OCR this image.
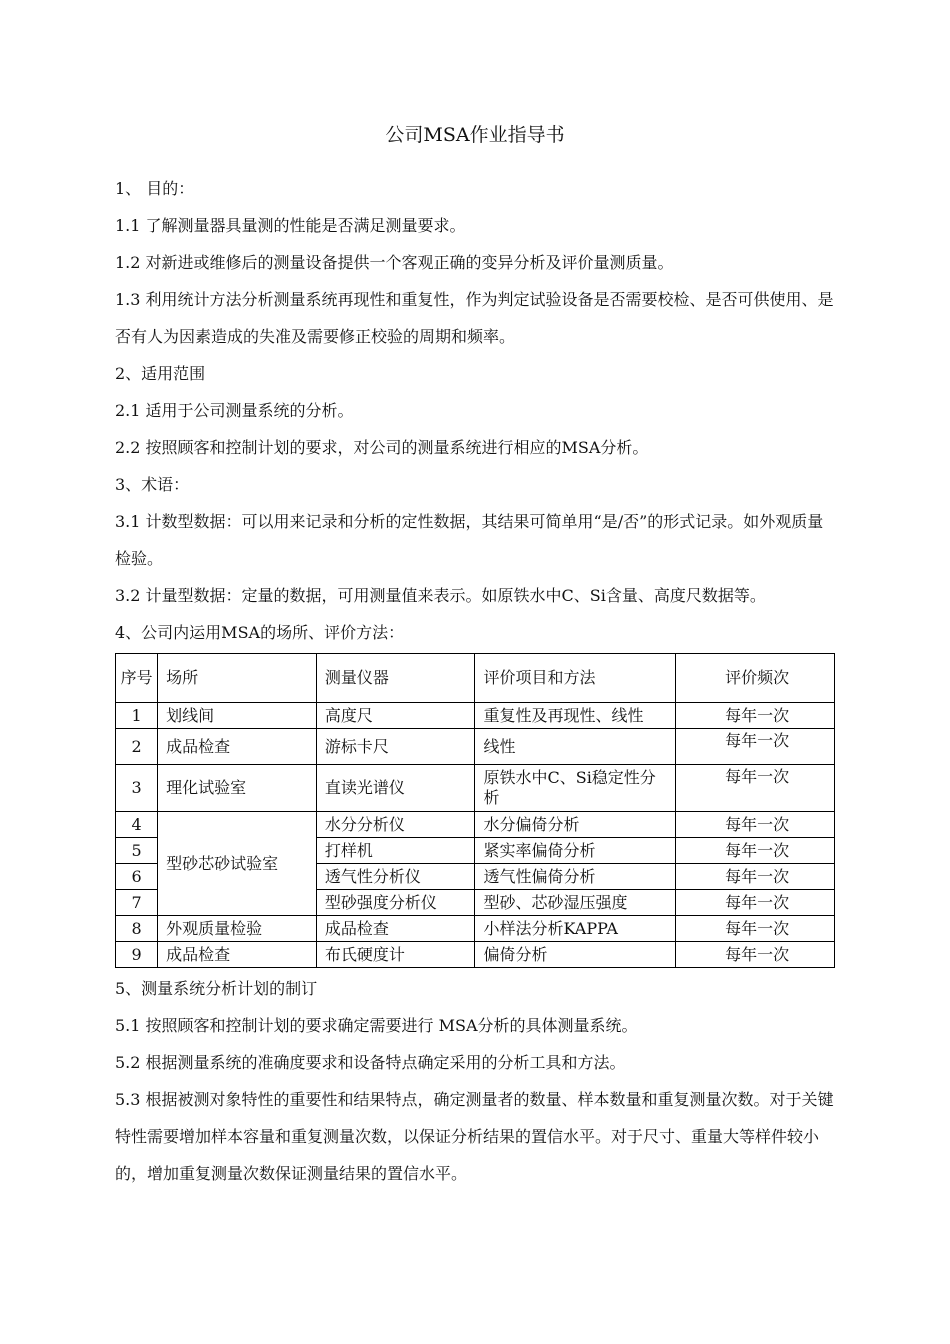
公司MSA作业指导书

1、 目的：

1.1 了解测量器具量测的性能是否满足测量要求。

1.2 对新进或维修后的测量设备提供一个客观正确的变异分析及评价量测质量。

1.3 利用统计方法分析测量系统再现性和重复性，作为判定试验设备是否需要校检、是否可供使用、是否有人为因素造成的失准及需要修正校验的周期和频率。

2、适用范围

2.1 适用于公司测量系统的分析。

2.2 按照顾客和控制计划的要求，对公司的测量系统进行相应的MSA分析。

3、术语：

3.1 计数型数据：可以用来记录和分析的定性数据，其结果可简单用“是/否”的形式记录。如外观质量检验。

3.2 计量型数据：定量的数据，可用测量值来表示。如原铁水中C、Si含量、高度尺数据等。

4、公司内运用MSA的场所、评价方法：

序号	场所	测量仪器	评价项目和方法	评价频次
1	划线间	高度尺	重复性及再现性、线性	每年一次
2	成品检查	游标卡尺	线性	每年一次
3	理化试验室	直读光谱仪	原铁水中C、Si稳定性分析	每年一次
4	型砂芯砂试验室	水分分析仪	水分偏倚分析	每年一次
5		打样机	紧实率偏倚分析	每年一次
6		透气性分析仪	透气性偏倚分析	每年一次
7		型砂强度分析仪	型砂、芯砂湿压强度	每年一次
8	外观质量检验	成品检查	小样法分析KAPPA	每年一次
9	成品检查	布氏硬度计	偏倚分析	每年一次

5、测量系统分析计划的制订

5.1 按照顾客和控制计划的要求确定需要进行 MSA分析的具体测量系统。

5.2 根据测量系统的准确度要求和设备特点确定采用的分析工具和方法。

5.3 根据被测对象特性的重要性和结果特点，确定测量者的数量、样本数量和重复测量次数。对于关键特性需要增加样本容量和重复测量次数，以保证分析结果的置信水平。对于尺寸、重量大等样件较小的，增加重复测量次数保证测量结果的置信水平。
